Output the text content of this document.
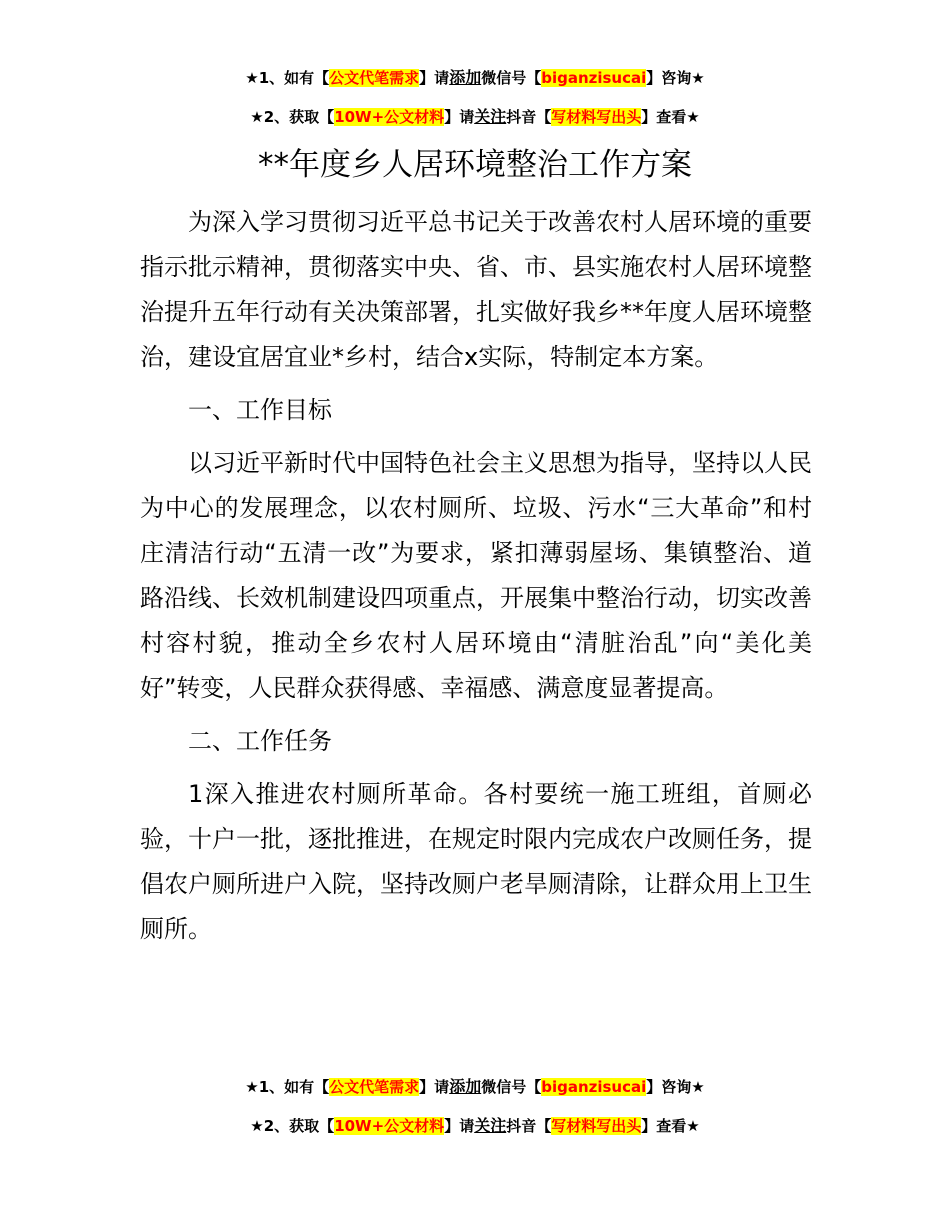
★1、如有【公文代笔需求】请添加微信号【biganzisucai】咨询★
★2、获取【10W+公文材料】请关注抖音【写材料写出头】查看★
**年度乡人居环境整治工作方案

为深入学习贯彻习近平总书记关于改善农村人居环境的重要指示批示精神，贯彻落实中央、省、市、县实施农村人居环境整治提升五年行动有关决策部署，扎实做好我乡**年度人居环境整治，建设宜居宜业*乡村，结合x实际，特制定本方案。

一、工作目标

以习近平新时代中国特色社会主义思想为指导，坚持以人民为中心的发展理念，以农村厕所、垃圾、污水“三大革命”和村庄清洁行动“五清一改”为要求，紧扣薄弱屋场、集镇整治、道路沿线、长效机制建设四项重点，开展集中整治行动，切实改善村容村貌，推动全乡农村人居环境由“清脏治乱”向“美化美好”转变，人民群众获得感、幸福感、满意度显著提高。

二、工作任务

1深入推进农村厕所革命。各村要统一施工班组，首厕必验，十户一批，逐批推进，在规定时限内完成农户改厕任务，提倡农户厕所进户入院，坚持改厕户老旱厕清除，让群众用上卫生厕所。

★1、如有【公文代笔需求】请添加微信号【biganzisucai】咨询★
★2、获取【10W+公文材料】请关注抖音【写材料写出头】查看★
